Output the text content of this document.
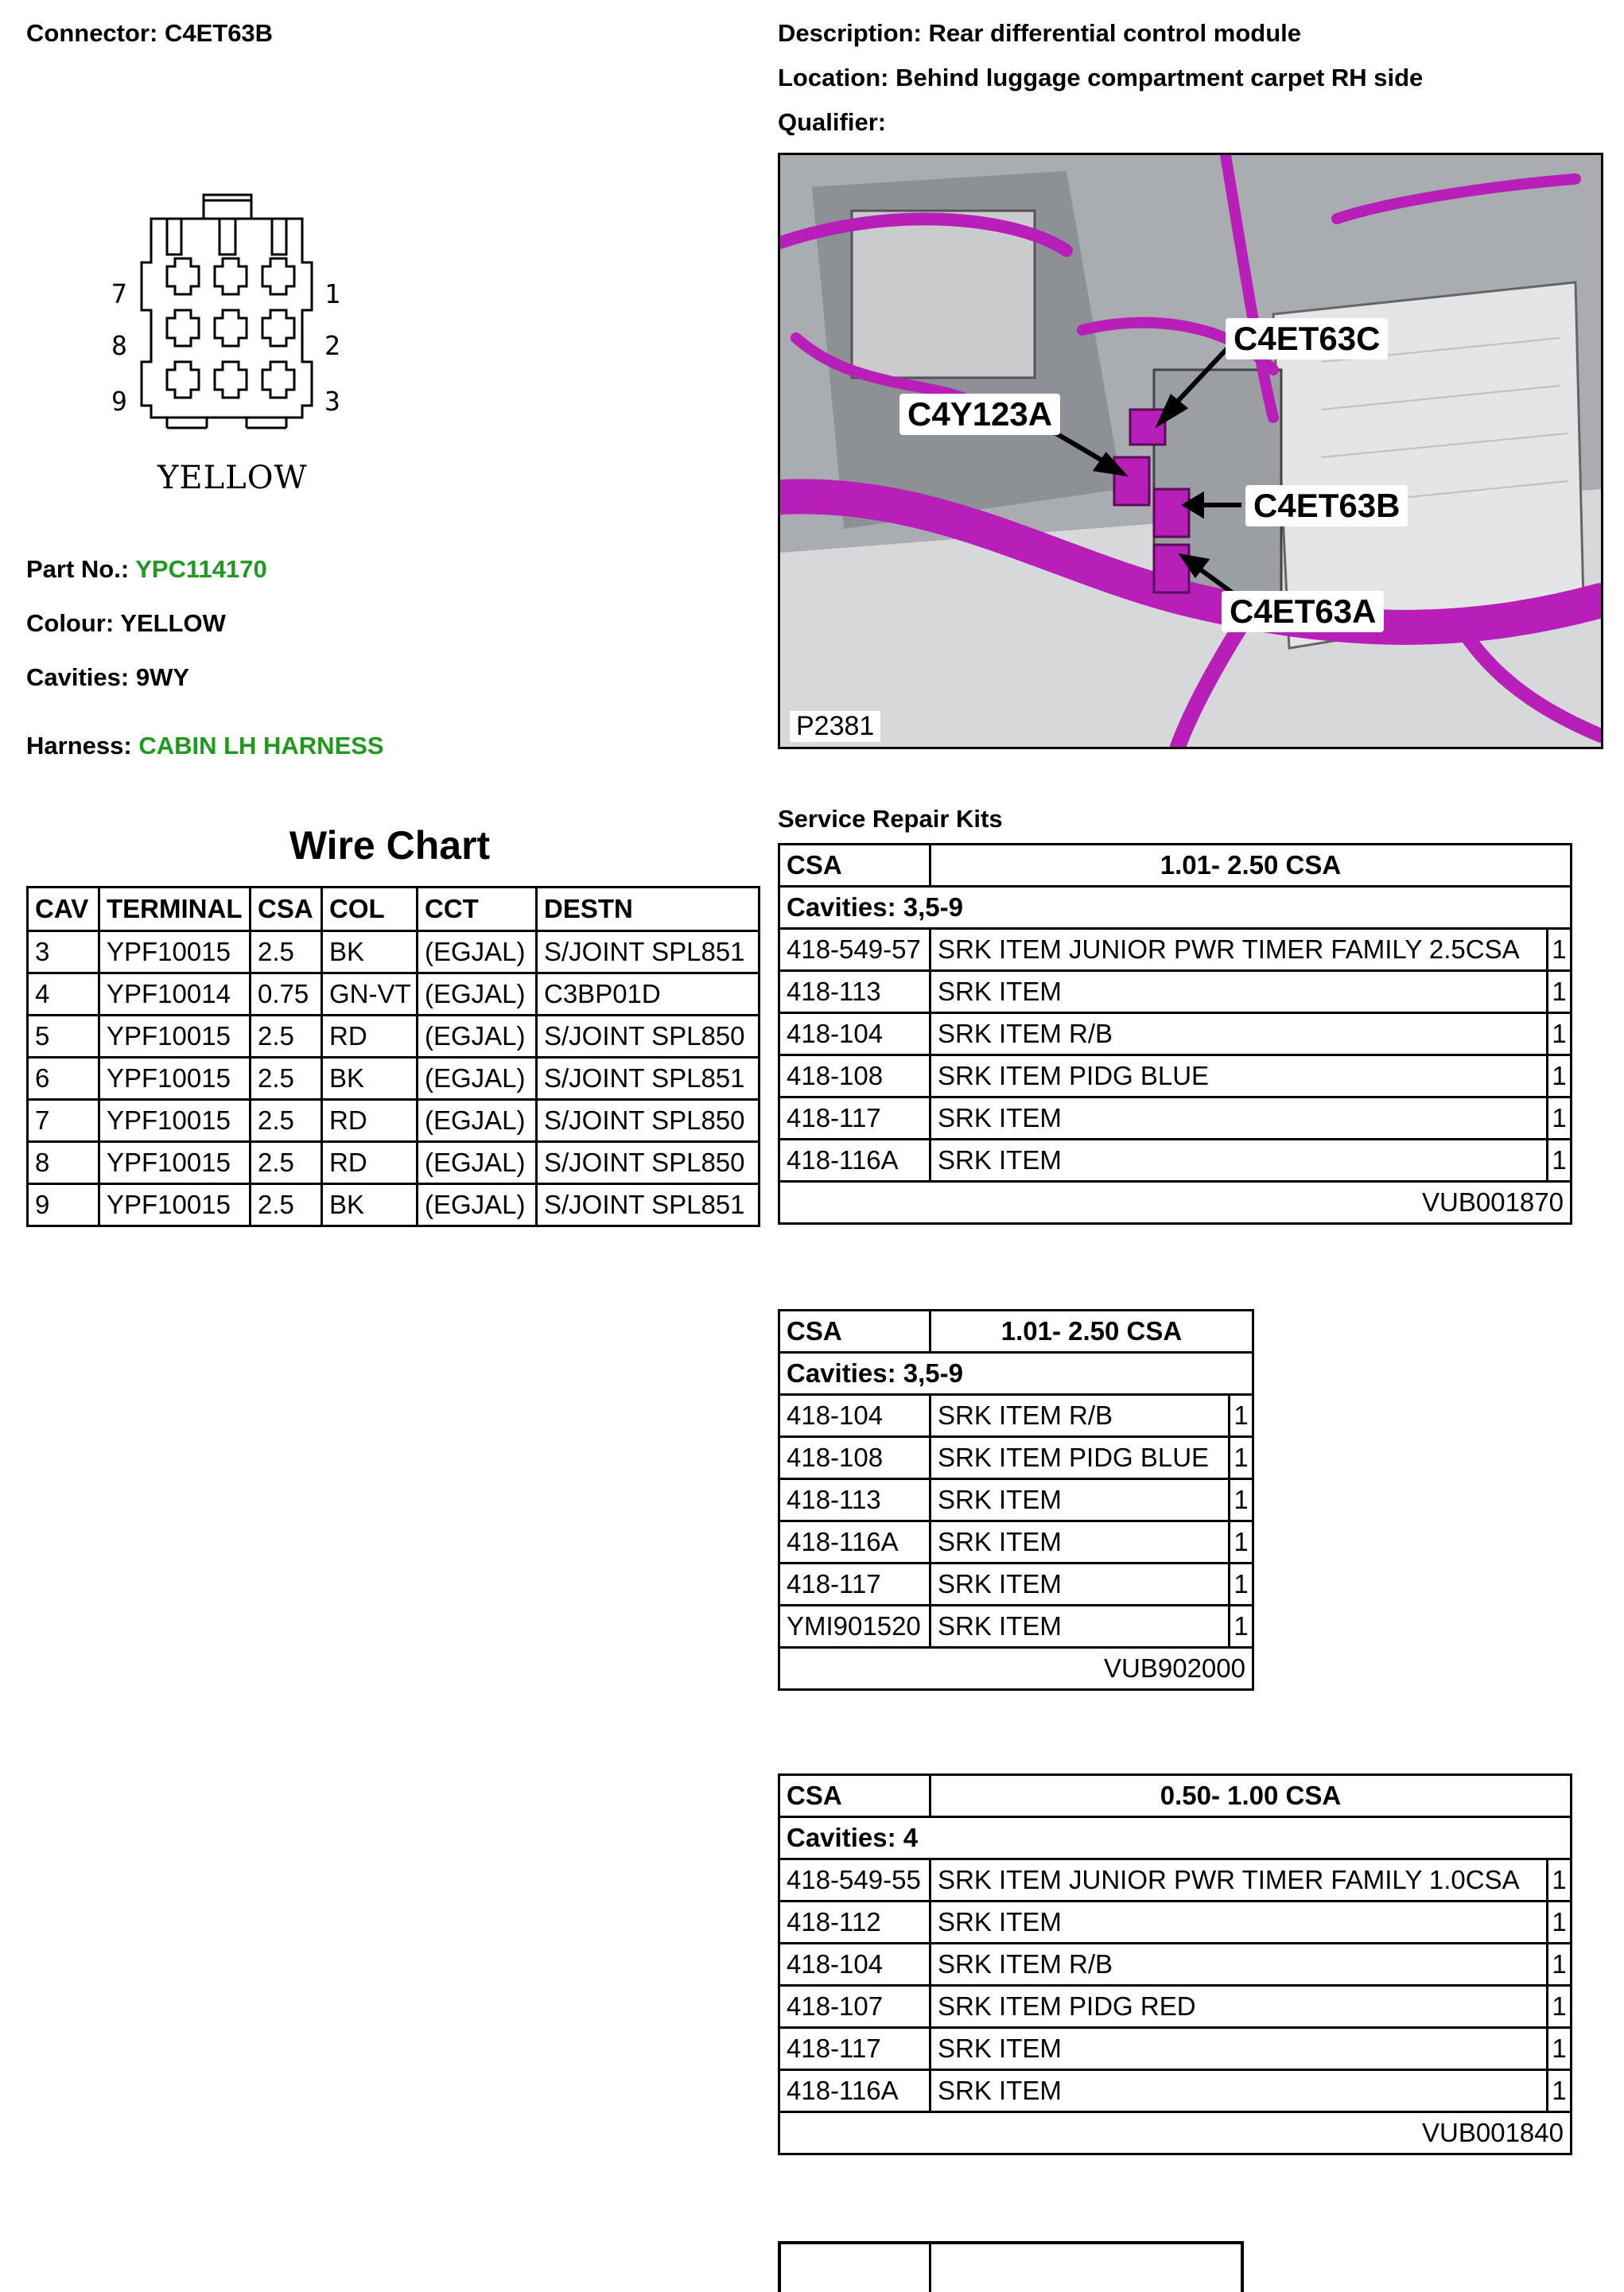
Connector: C4ET63B	Description: Rear differential control module
Location: Behind luggage compartment carpet RH side
Qualifier:
7
8
9
1
2
3
YELLOW
Part No.: YPC114170
Colour: YELLOW
Cavities: 9WY
Harness: CABIN LH HARNESS
C4ET63C
C4Y123A
C4ET63B
C4ET63A
P2381
Wire Chart
CAV	TERMINAL	CSA	COL	CCT	DESTN
3	YPF10015	2.5	BK	(EGJAL)	S/JOINT SPL851
4	YPF10014	0.75	GN-VT	(EGJAL)	C3BP01D
5	YPF10015	2.5	RD	(EGJAL)	S/JOINT SPL850
6	YPF10015	2.5	BK	(EGJAL)	S/JOINT SPL851
7	YPF10015	2.5	RD	(EGJAL)	S/JOINT SPL850
8	YPF10015	2.5	RD	(EGJAL)	S/JOINT SPL850
9	YPF10015	2.5	BK	(EGJAL)	S/JOINT SPL851
Service Repair Kits
CSA	1.01- 2.50 CSA	
Cavities: 3,5-9		
418-549-57	SRK ITEM JUNIOR PWR TIMER FAMILY 2.5CSA	1
418-113	SRK ITEM	1
418-104	SRK ITEM R/B	1
418-108	SRK ITEM PIDG BLUE	1
418-117	SRK ITEM	1
418-116A	SRK ITEM	1
VUB001870		
CSA	1.01- 2.50 CSA	
Cavities: 3,5-9		
418-104	SRK ITEM R/B	1
418-108	SRK ITEM PIDG BLUE	1
418-113	SRK ITEM	1
418-116A	SRK ITEM	1
418-117	SRK ITEM	1
YMI901520	SRK ITEM	1
VUB902000		
CSA	0.50- 1.00 CSA	
Cavities: 4		
418-549-55	SRK ITEM JUNIOR PWR TIMER FAMILY 1.0CSA	1
418-112	SRK ITEM	1
418-104	SRK ITEM R/B	1
418-107	SRK ITEM PIDG RED	1
418-117	SRK ITEM	1
418-116A	SRK ITEM	1
VUB001840		
